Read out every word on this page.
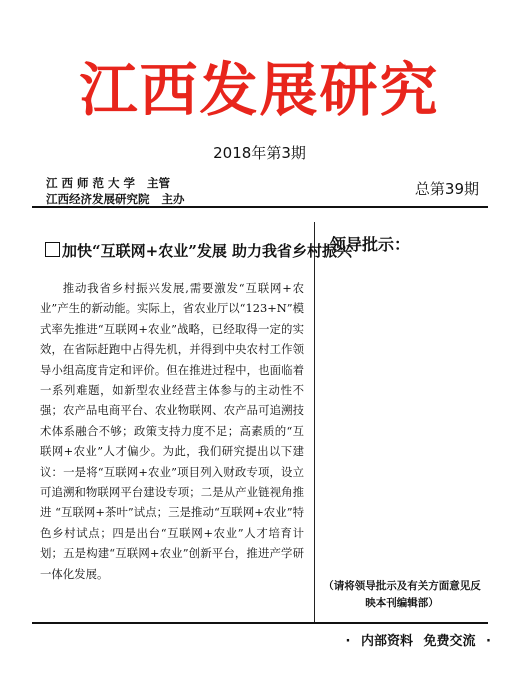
江西发展研究
2018年第3期
江 西 师 范 大 学   主管
江西经济发展研究院   主办
总第39期
加快“互联网+农业”发展 助力我省乡村振兴
推动我省乡村振兴发展,需要激发“互联网+农业”产生的新动能。实际上，省农业厅以“123+N”模式率先推进“互联网+农业”战略，已经取得一定的实效，在省际赶跑中占得先机，并得到中央农村工作领导小组高度肯定和评价。但在推进过程中，也面临着一系列难题，如新型农业经营主体参与的主动性不强；农产品电商平台、农业物联网、农产品可追溯技术体系融合不够；政策支持力度不足；高素质的“互联网+农业”人才偏少。为此，我们研究提出以下建议：一是将“互联网+农业”项目列入财政专项，设立可追溯和物联网平台建设专项；二是从产业链视角推进 “互联网+茶叶”试点；三是推动“互联网+农业”特色乡村试点；四是出台“互联网+农业”人才培育计划；五是构建“互联网+农业”创新平台，推进产学研一体化发展。
领导批示：
（请将领导批示及有关方面意见反映本刊编辑部）
· 内部资料 免费交流 ·
